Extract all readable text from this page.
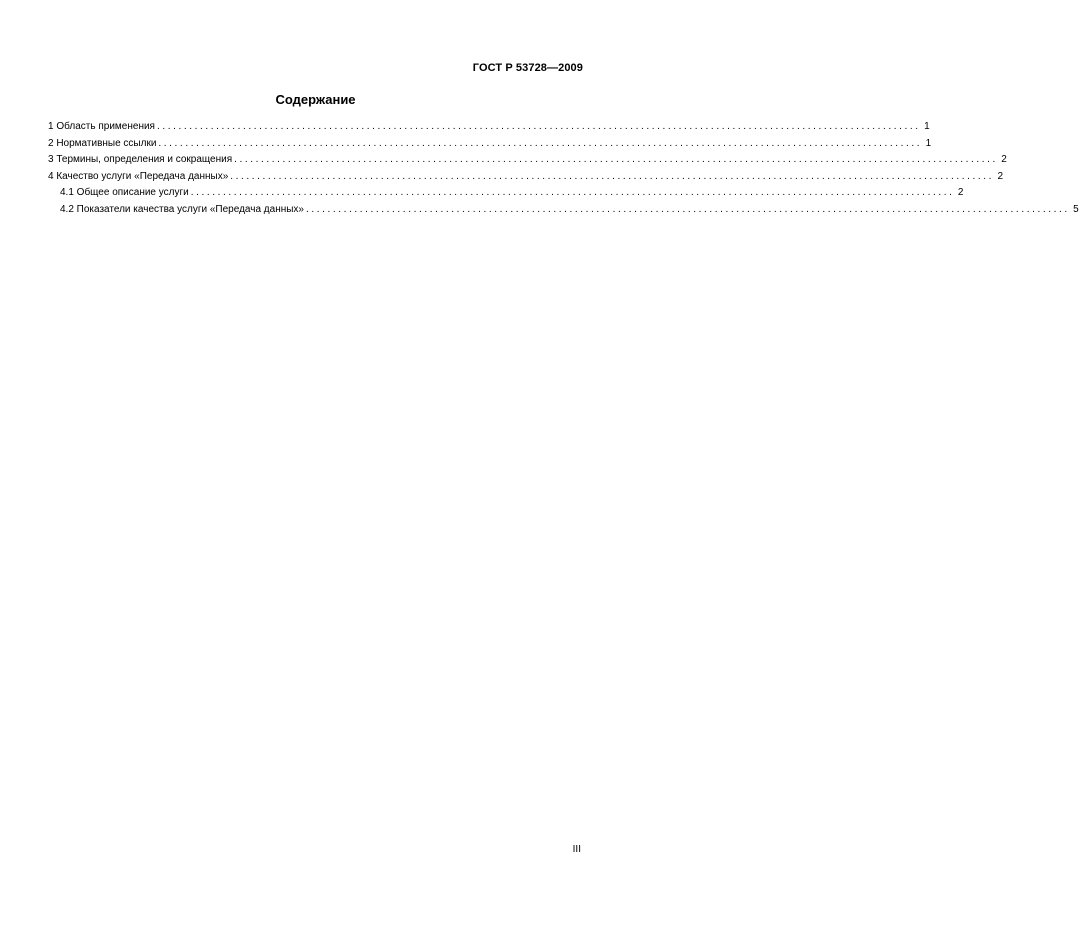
ГОСТ Р 53728—2009
Содержание
1 Область применения .............................................................................................................................................. 1
2 Нормативные ссылки .............................................................................................................................................. 1
3 Термины, определения и сокращения .............................................................................................................................................. 2
4 Качество услуги «Передача данных» .............................................................................................................................................. 2
4.1 Общее описание услуги .............................................................................................................................................. 2
4.2 Показатели качества услуги «Передача данных» .............................................................................................................................................. 5
III
